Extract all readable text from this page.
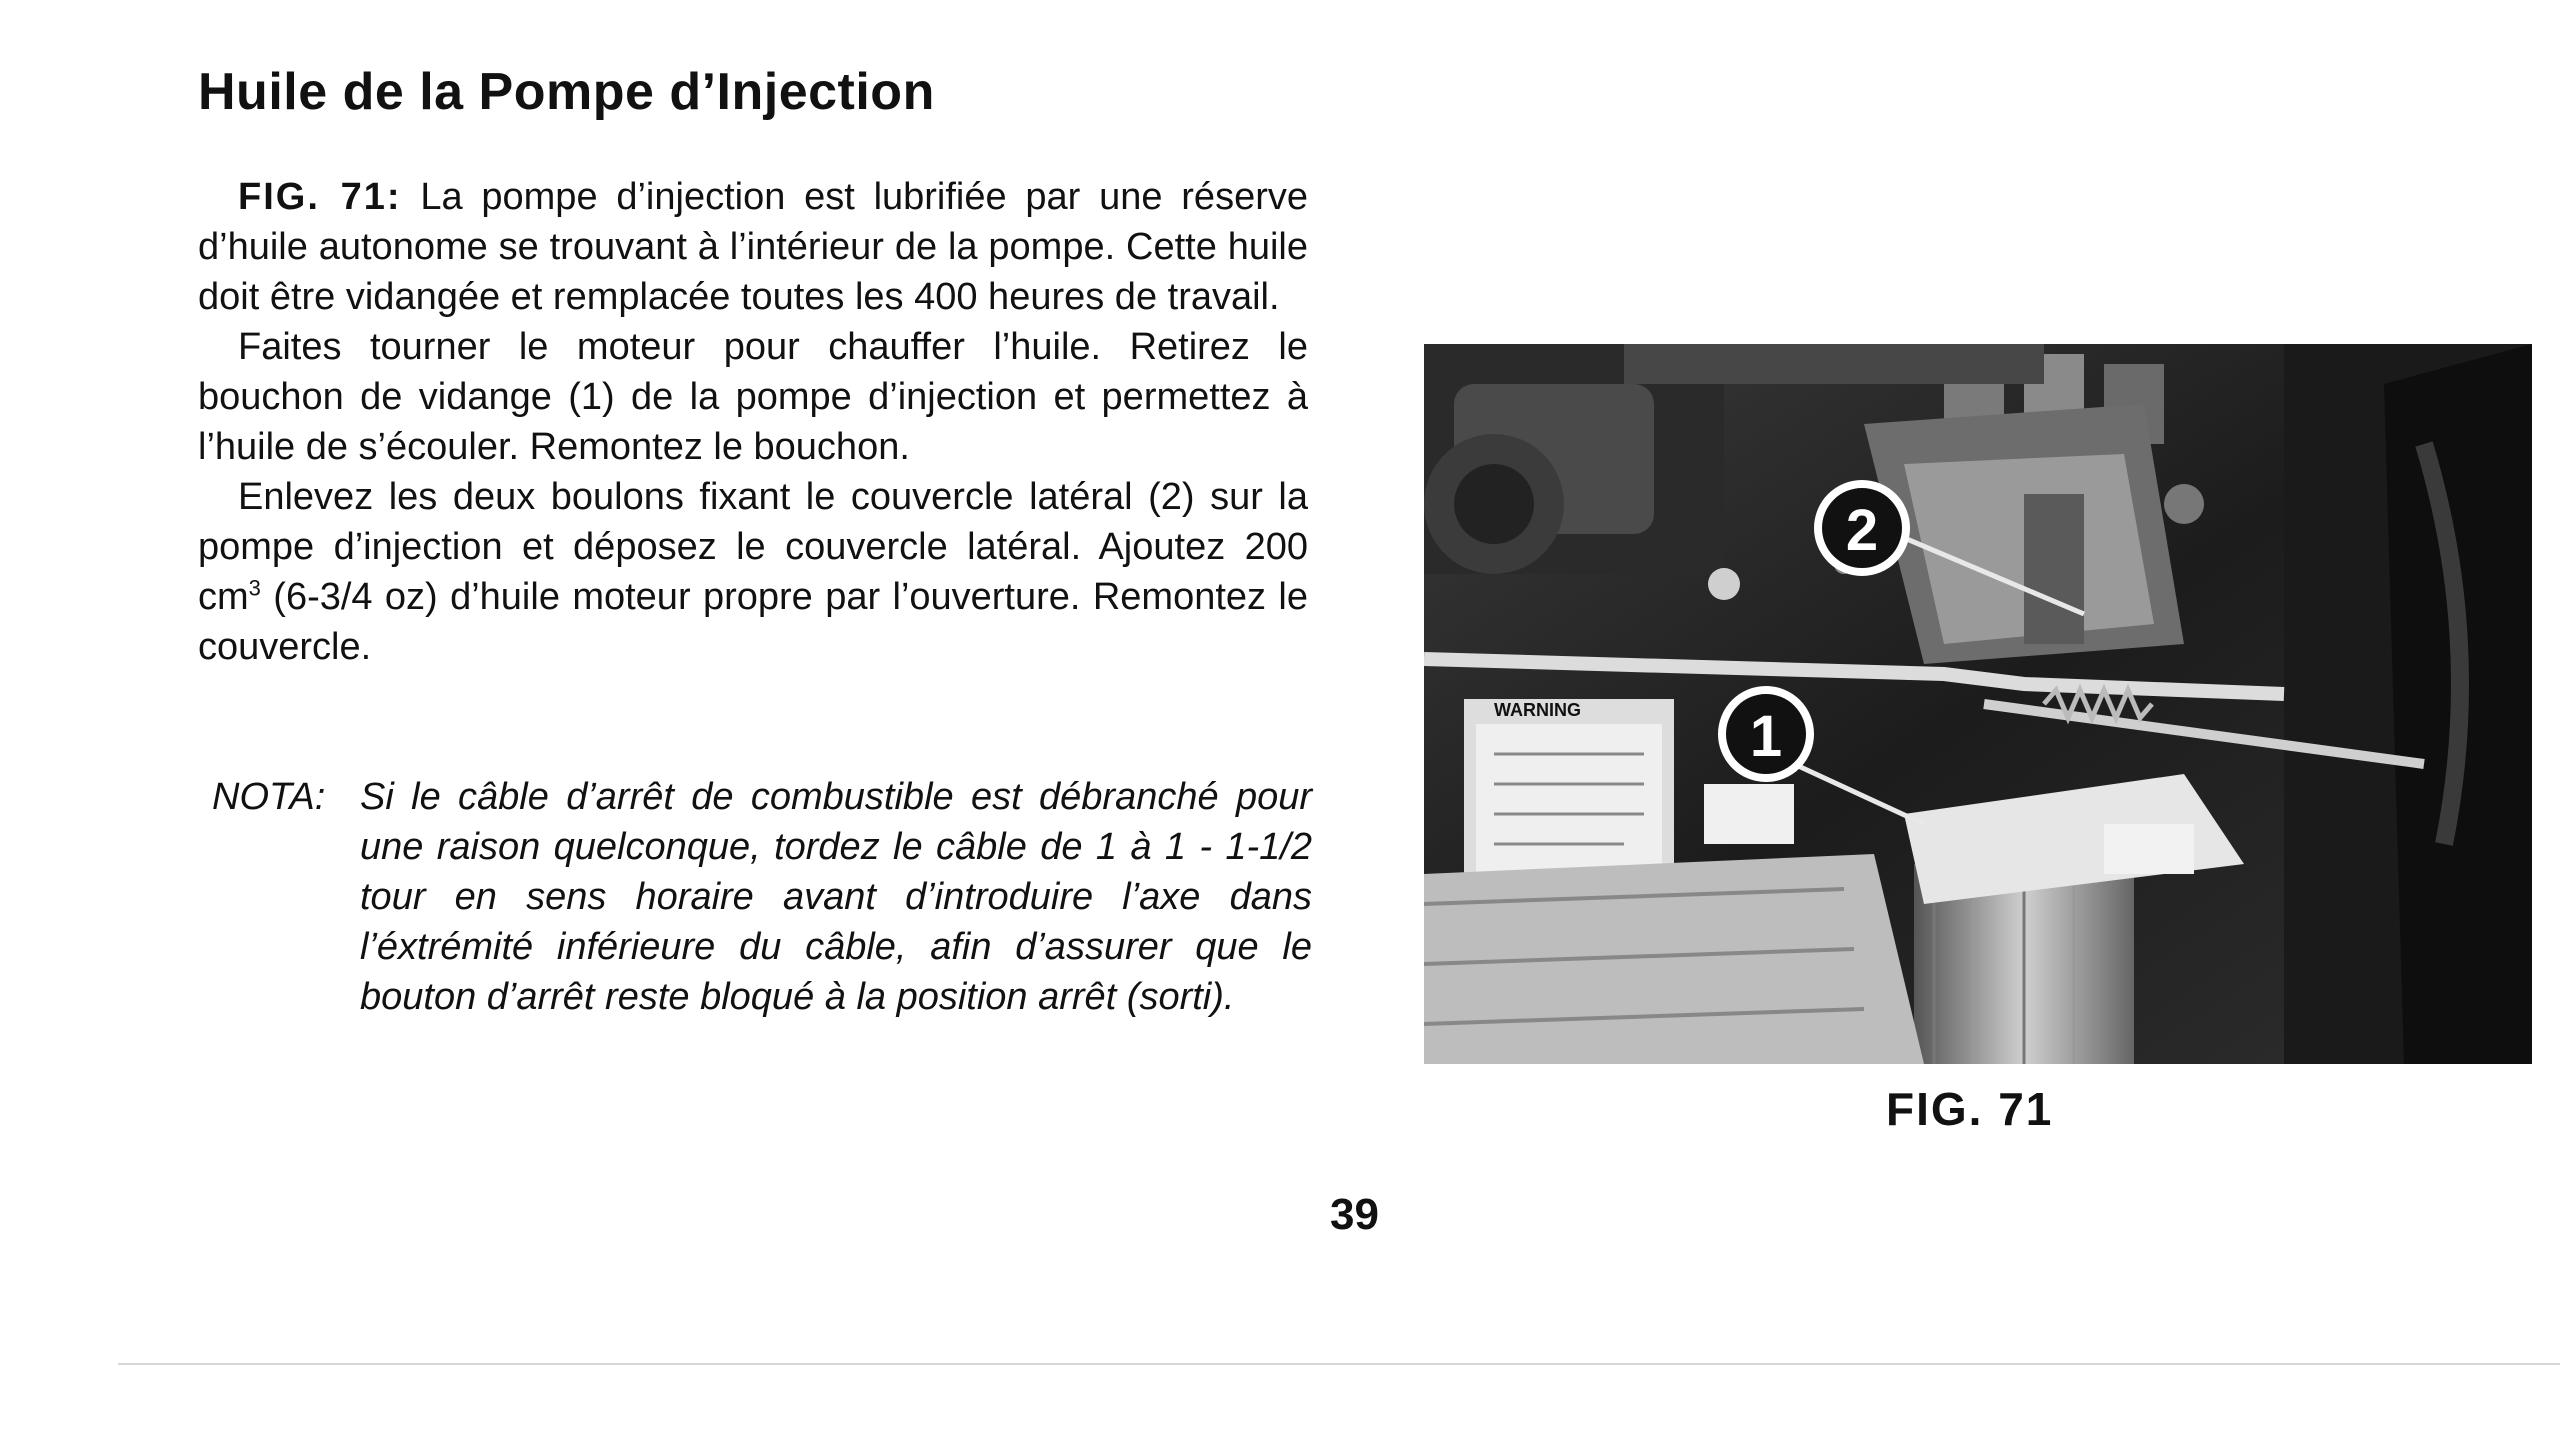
Huile de la Pompe d’Injection

FIG. 71: La pompe d’injection est lubrifiée par une réserve d’huile autonome se trouvant à l’intérieur de la pompe. Cette huile doit être vidangée et remplacée toutes les 400 heures de travail.

Faites tourner le moteur pour chauffer l’huile. Retirez le bouchon de vidange (1) de la pompe d’injection et permettez à l’huile de s’écouler. Remontez le bouchon.

Enlevez les deux boulons fixant le couvercle latéral (2) sur la pompe d’injection et déposez le couvercle latéral. Ajoutez 200 $cm^3$ (6-3/4 oz) d’huile moteur propre par l’ouverture. Remontez le couvercle.

NOTA: Si le câble d’arrêt de combustible est débranché pour une raison quelconque, tordez le câble de 1 à 1 - 1-1/2 tour en sens horaire avant d’introduire l’axe dans l’éxtrémité inférieure du câble, afin d’assurer que le bouton d’arrêt reste bloqué à la position arrêt (sorti).
WARNING
2
1
FIG. 71
39
